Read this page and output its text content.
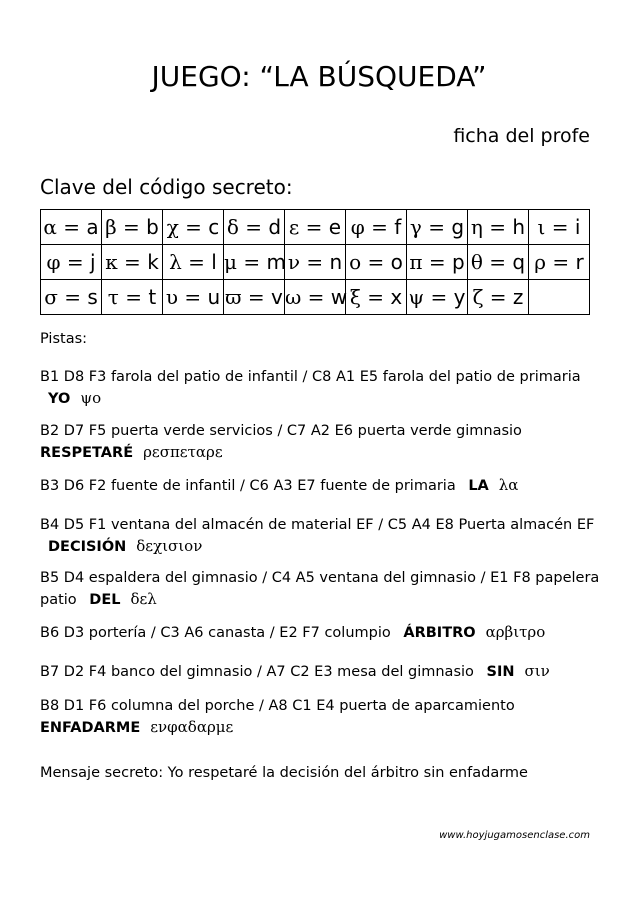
JUEGO: “LA BÚSQUEDA”
ficha del profe
Clave del código secreto:
α = a	β = b	χ = c	δ = d	ε = e	φ = f	γ = g	η = h	ι = i
φ = j	κ = k	λ = l	μ = m	ν = n	ο = o	π = p	θ = q	ρ = r
σ = s	τ = t	υ = u	ϖ = v	ω = w	ξ = x	ψ = y	ζ = z	
Pistas:
B1 D8 F3 farola del patio de infantil / C8 A1 E5 farola del patio de primaria YO ψο
B2 D7 F5 puerta verde servicios / C7 A2 E6 puerta verde gimnasio
RESPETARÉ ρεσπεταρε
B3 D6 F2 fuente de infantil / C6 A3 E7 fuente de primaria LA λα
B4 D5 F1 ventana del almacén de material EF / C5 A4 E8 Puerta almacén EF DECISIÓN δεχισιον
B5 D4 espaldera del gimnasio / C4 A5 ventana del gimnasio / E1 F8 papelera patio DEL δελ
B6 D3 portería / C3 A6 canasta / E2 F7 columpio ÁRBITRO αρβιτρο
B7 D2 F4 banco del gimnasio / A7 C2 E3 mesa del gimnasio SIN σιν
B8 D1 F6 columna del porche / A8 C1 E4 puerta de aparcamiento
ENFADARME ενφαδαρμε
Mensaje secreto: Yo respetaré la decisión del árbitro sin enfadarme
www.hoyjugamosenclase.com
